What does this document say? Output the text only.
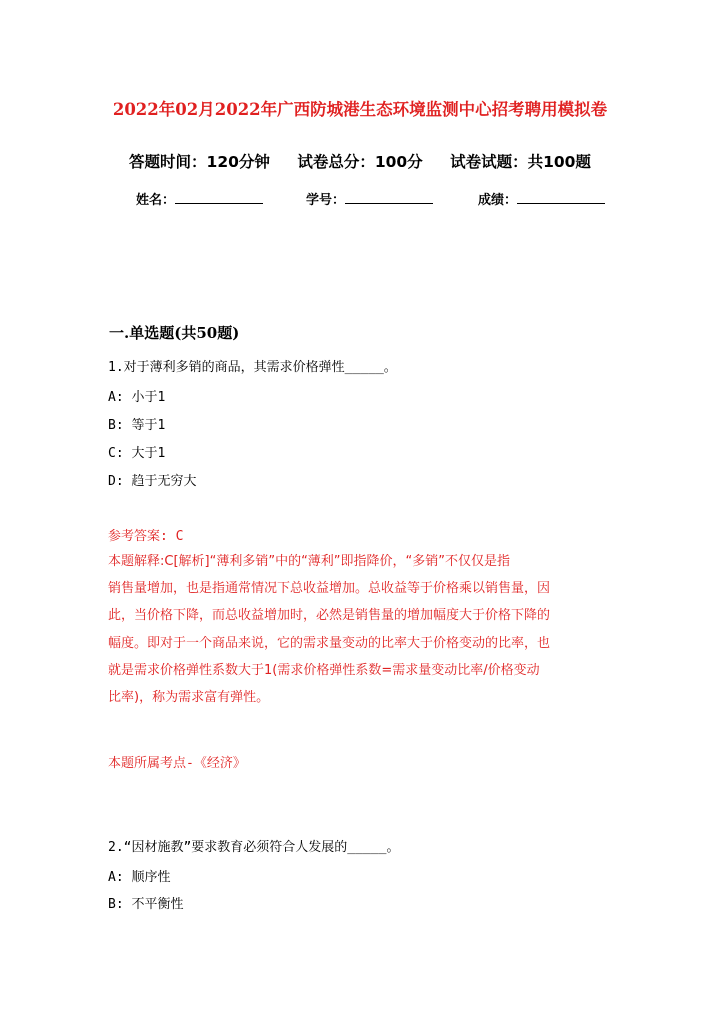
2022年02月2022年广西防城港生态环境监测中心招考聘用模拟卷
答题时间：120分钟 试卷总分：100分 试卷试题：共100题
姓名：	学号：	成绩：
一.单选题(共50题)
1.对于薄利多销的商品，其需求价格弹性_____。
A: 小于1
B: 等于1
C: 大于1
D: 趋于无穷大
参考答案: C
本题解释:C[解析]“薄利多销”中的“薄利”即指降价，“多销”不仅仅是指
销售量增加，也是指通常情况下总收益增加。总收益等于价格乘以销售量，因
此，当价格下降，而总收益增加时，必然是销售量的增加幅度大于价格下降的
幅度。即对于一个商品来说，它的需求量变动的比率大于价格变动的比率，也
就是需求价格弹性系数大于1(需求价格弹性系数=需求量变动比率/价格变动
比率)，称为需求富有弹性。
本题所属考点-《经济》
2.“因材施教”要求教育必须符合人发展的_____。
A: 顺序性
B: 不平衡性
